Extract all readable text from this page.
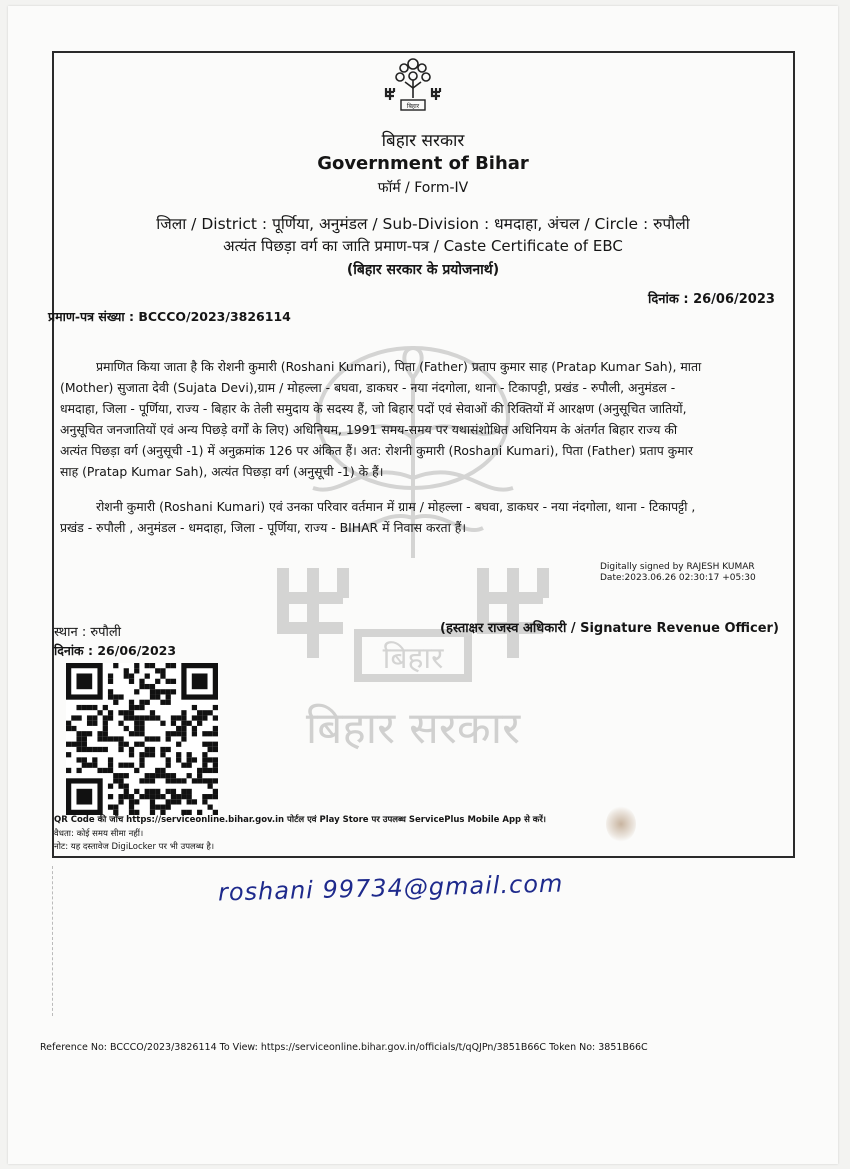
बिहार
बिहार सरकार
बिहार
बिहार सरकार
Government of Bihar
फॉर्म / Form-IV
जिला / District : पूर्णिया, अनुमंडल / Sub-Division : धमदाहा, अंचल / Circle : रुपौली
अत्यंत पिछड़ा वर्ग का जाति प्रमाण-पत्र / Caste Certificate of EBC
(बिहार सरकार के प्रयोजनार्थ)
दिनांक : 26/06/2023
प्रमाण-पत्र संख्या : BCCCO/2023/3826114
प्रमाणित किया जाता है कि रोशनी कुमारी (Roshani Kumari), पिता (Father) प्रताप कुमार साह (Pratap Kumar Sah), माता
(Mother) सुजाता देवी (Sujata Devi),ग्राम / मोहल्ला - बघवा, डाकघर - नया नंदगोला, थाना - टिकापट्टी, प्रखंड - रुपौली, अनुमंडल -
धमदाहा, जिला - पूर्णिया, राज्य - बिहार के तेली समुदाय के सदस्य हैं, जो बिहार पदों एवं सेवाओं की रिक्तियों में आरक्षण (अनुसूचित जातियों,
अनुसूचित जनजातियों एवं अन्य पिछड़े वर्गों के लिए) अधिनियम, 1991 समय-समय पर यथासंशोधित अधिनियम के अंतर्गत बिहार राज्य की
अत्यंत पिछड़ा वर्ग (अनुसूची -1) में अनुक्रमांक 126 पर अंकित हैं। अत: रोशनी कुमारी (Roshani Kumari), पिता (Father) प्रताप कुमार
साह (Pratap Kumar Sah), अत्यंत पिछड़ा वर्ग (अनुसूची -1) के हैं।
रोशनी कुमारी (Roshani Kumari) एवं उनका परिवार वर्तमान में ग्राम / मोहल्ला - बघवा, डाकघर - नया नंदगोला, थाना - टिकापट्टी ,
प्रखंड - रुपौली , अनुमंडल - धमदाहा, जिला - पूर्णिया, राज्य - BIHAR में निवास करता हैं।
Digitally signed by RAJESH KUMAR
Date:2023.06.26 02:30:17 +05:30
स्थान : रुपौली	(हस्ताक्षर राजस्व अधिकारी / Signature Revenue Officer)
दिनांक : 26/06/2023
QR Code की जाँच https://serviceonline.bihar.gov.in पोर्टल एवं Play Store पर उपलब्ध ServicePlus Mobile App से करें।
वैधता: कोई समय सीमा नहीं।
नोट: यह दस्तावेज DigiLocker पर भी उपलब्ध है।
roshani 99734@gmail.com
Reference No: BCCCO/2023/3826114 To View: https://serviceonline.bihar.gov.in/officials/t/qQJPn/3851B66C Token No: 3851B66C
